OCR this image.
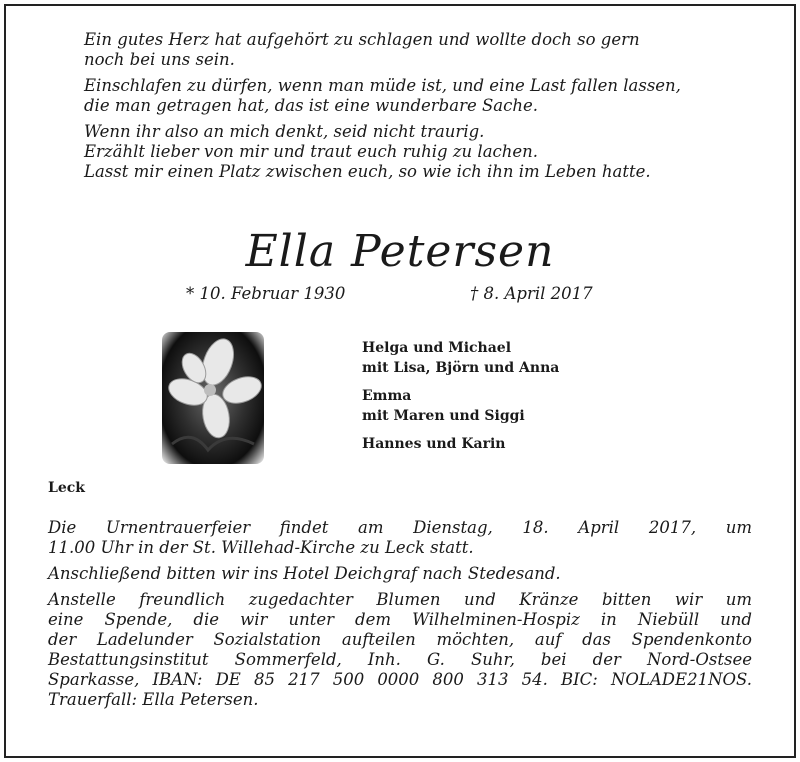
Ein gutes Herz hat aufgehört zu schlagen und wollte doch so gern
noch bei uns sein.

Einschlafen zu dürfen, wenn man müde ist, und eine Last fallen lassen,
die man getragen hat, das ist eine wunderbare Sache.

Wenn ihr also an mich denkt, seid nicht traurig.
Erzählt lieber von mir und traut euch ruhig zu lachen.
Lasst mir einen Platz zwischen euch, so wie ich ihn im Leben hatte.

Ella Petersen
* 10. Februar 1930	† 8. April 2017
Helga und Michael
mit Lisa, Björn und Anna
Emma
mit Maren und Siggi
Hannes und Karin
Leck

Die Urnentrauerfeier findet am Dienstag, 18. April 2017, um
11.00 Uhr in der St. Willehad-Kirche zu Leck statt.

Anschließend bitten wir ins Hotel Deichgraf nach Stedesand.

Anstelle freundlich zugedachter Blumen und Kränze bitten wir um
eine Spende, die wir unter dem Wilhelminen-Hospiz in Niebüll und
der Ladelunder Sozialstation aufteilen möchten, auf das Spendenkonto
Bestattungsinstitut Sommerfeld, Inh. G. Suhr, bei der Nord-Ostsee
Sparkasse, IBAN: DE 85 217 500 0000 800 313 54. BIC: NOLADE21NOS.
Trauerfall: Ella Petersen.
